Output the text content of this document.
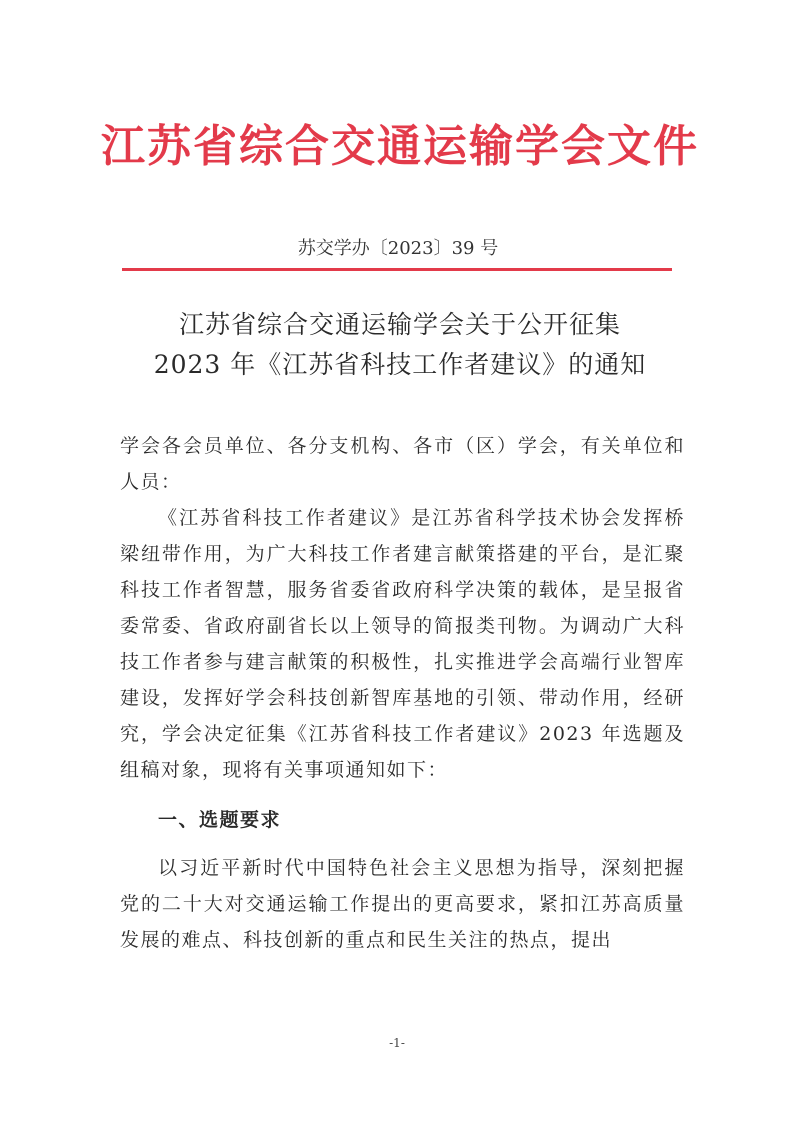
江苏省综合交通运输学会文件
苏交学办〔2023〕39 号
江苏省综合交通运输学会关于公开征集
2023 年《江苏省科技工作者建议》的通知

学会各会员单位、各分支机构、各市（区）学会，有关单位和人员：

《江苏省科技工作者建议》是江苏省科学技术协会发挥桥梁纽带作用，为广大科技工作者建言献策搭建的平台，是汇聚科技工作者智慧，服务省委省政府科学决策的载体，是呈报省委常委、省政府副省长以上领导的简报类刊物。为调动广大科技工作者参与建言献策的积极性，扎实推进学会高端行业智库建设，发挥好学会科技创新智库基地的引领、带动作用，经研究，学会决定征集《江苏省科技工作者建议》2023 年选题及组稿对象，现将有关事项通知如下：

一、选题要求

以习近平新时代中国特色社会主义思想为指导，深刻把握党的二十大对交通运输工作提出的更高要求，紧扣江苏高质量发展的难点、科技创新的重点和民生关注的热点，提出

-1-
